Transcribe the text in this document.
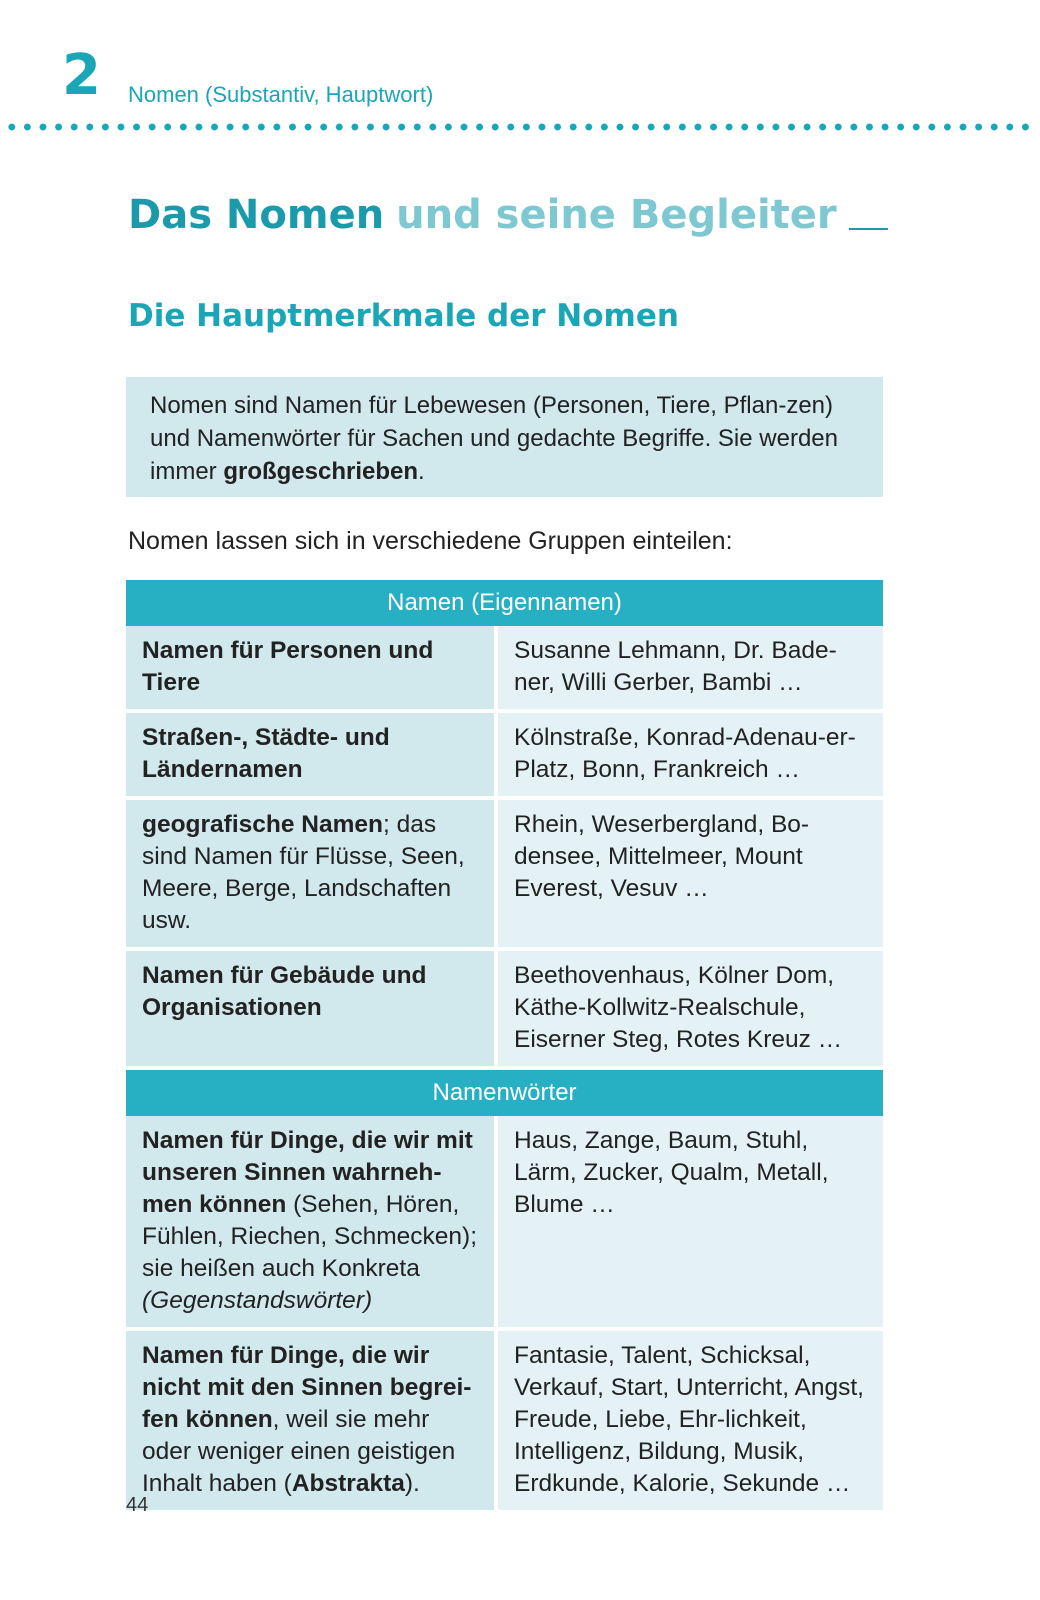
2 Nomen (Substantiv, Hauptwort)
Das Nomen und seine Begleiter
Die Hauptmerkmale der Nomen
Nomen sind Namen für Lebewesen (Personen, Tiere, Pflan-zen) und Namenwörter für Sachen und gedachte Begriffe. Sie werden immer großgeschrieben.
Nomen lassen sich in verschiedene Gruppen einteilen:
Namen (Eigennamen)	
Namen für Personen und Tiere	Susanne Lehmann, Dr. Bade-ner, Willi Gerber, Bambi …
Straßen-, Städte- und Ländernamen	Kölnstraße, Konrad-Adenau-er-Platz, Bonn, Frankreich …
geografische Namen; das sind Namen für Flüsse, Seen, Meere, Berge, Landschaften usw.	Rhein, Weserbergland, Bo-densee, Mittelmeer, Mount Everest, Vesuv …
Namen für Gebäude und Organisationen	Beethovenhaus, Kölner Dom, Käthe-Kollwitz-Realschule, Eiserner Steg, Rotes Kreuz …
Namenwörter	
Namen für Dinge, die wir mit unseren Sinnen wahrneh-men können (Sehen, Hören, Fühlen, Riechen, Schmecken); sie heißen auch Konkreta (Gegenstandswörter)	Haus, Zange, Baum, Stuhl, Lärm, Zucker, Qualm, Metall, Blume …
Namen für Dinge, die wir nicht mit den Sinnen begrei-fen können, weil sie mehr oder weniger einen geistigen Inhalt haben (Abstrakta).	Fantasie, Talent, Schicksal, Verkauf, Start, Unterricht, Angst, Freude, Liebe, Ehr-lichkeit, Intelligenz, Bildung, Musik, Erdkunde, Kalorie, Sekunde …
44
